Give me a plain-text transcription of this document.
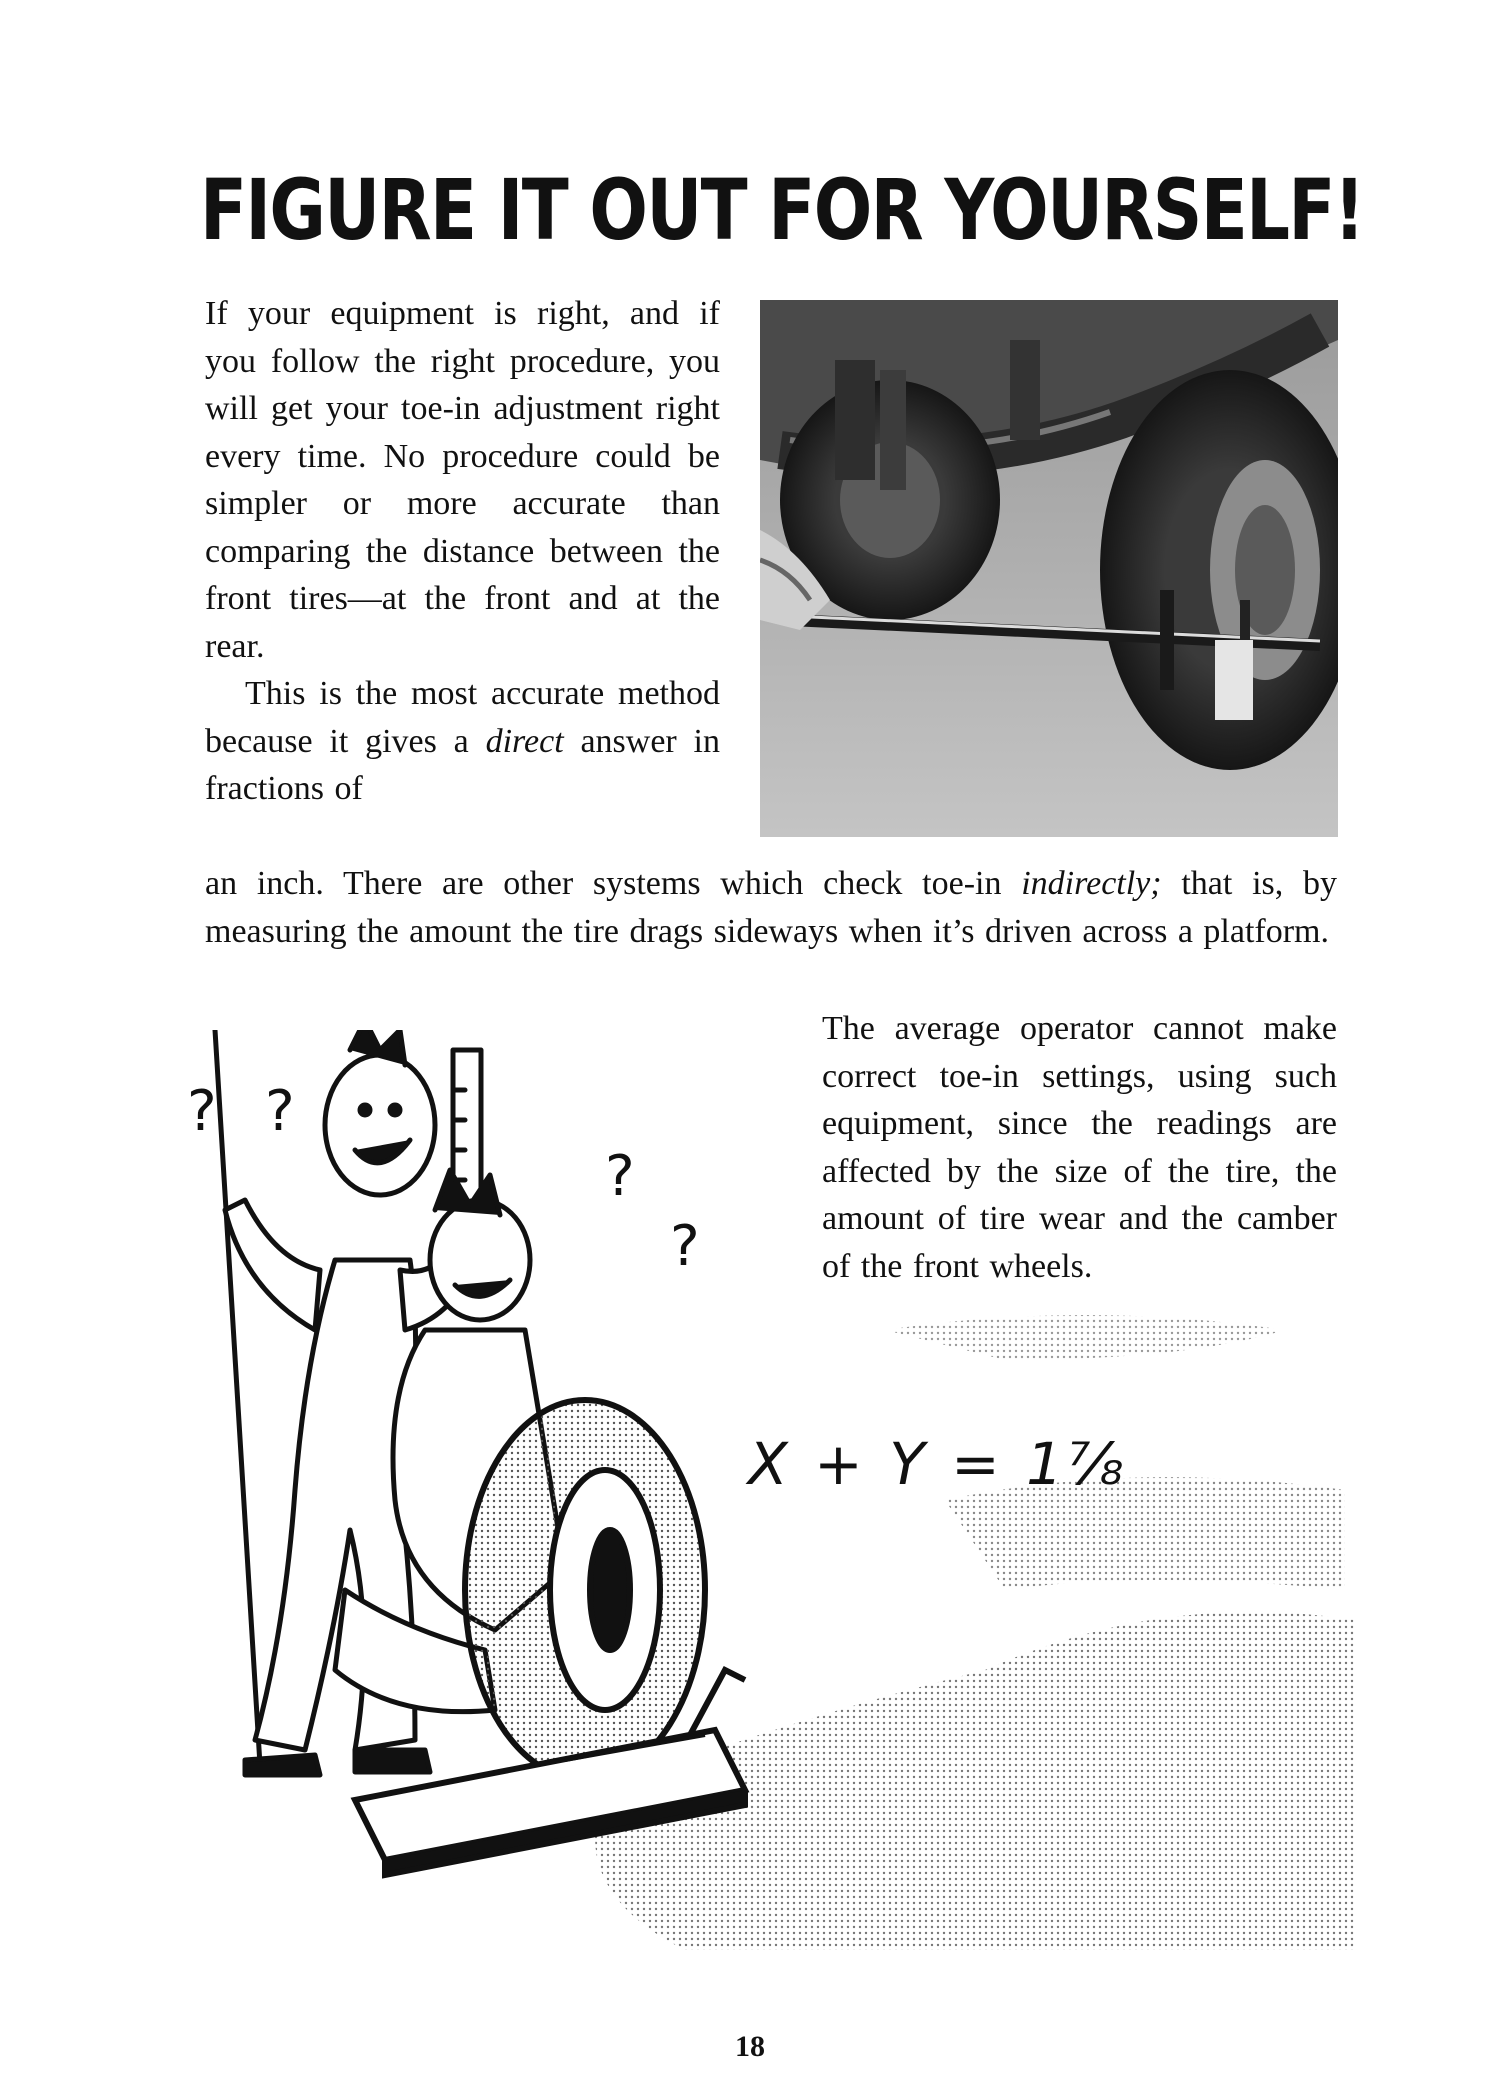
FIGURE IT OUT FOR YOURSELF!

If your equipment is right, and if you follow the right procedure, you will get your toe-in adjustment right every time. No procedure could be simpler or more accurate than comparing the distance between the front tires—at the front and at the rear.
This is the most accurate method because it gives a direct answer in fractions of

an inch. There are other systems which check toe-in indirectly; that is, by measuring the amount the tire drags sideways when it’s driven across a platform.

The average operator cannot make correct toe-in settings, using such equipment, since the readings are affected by the size of the tire, the amount of tire wear and the camber of the front wheels.

? ?
?
?

X + Y = 1⅞

18
